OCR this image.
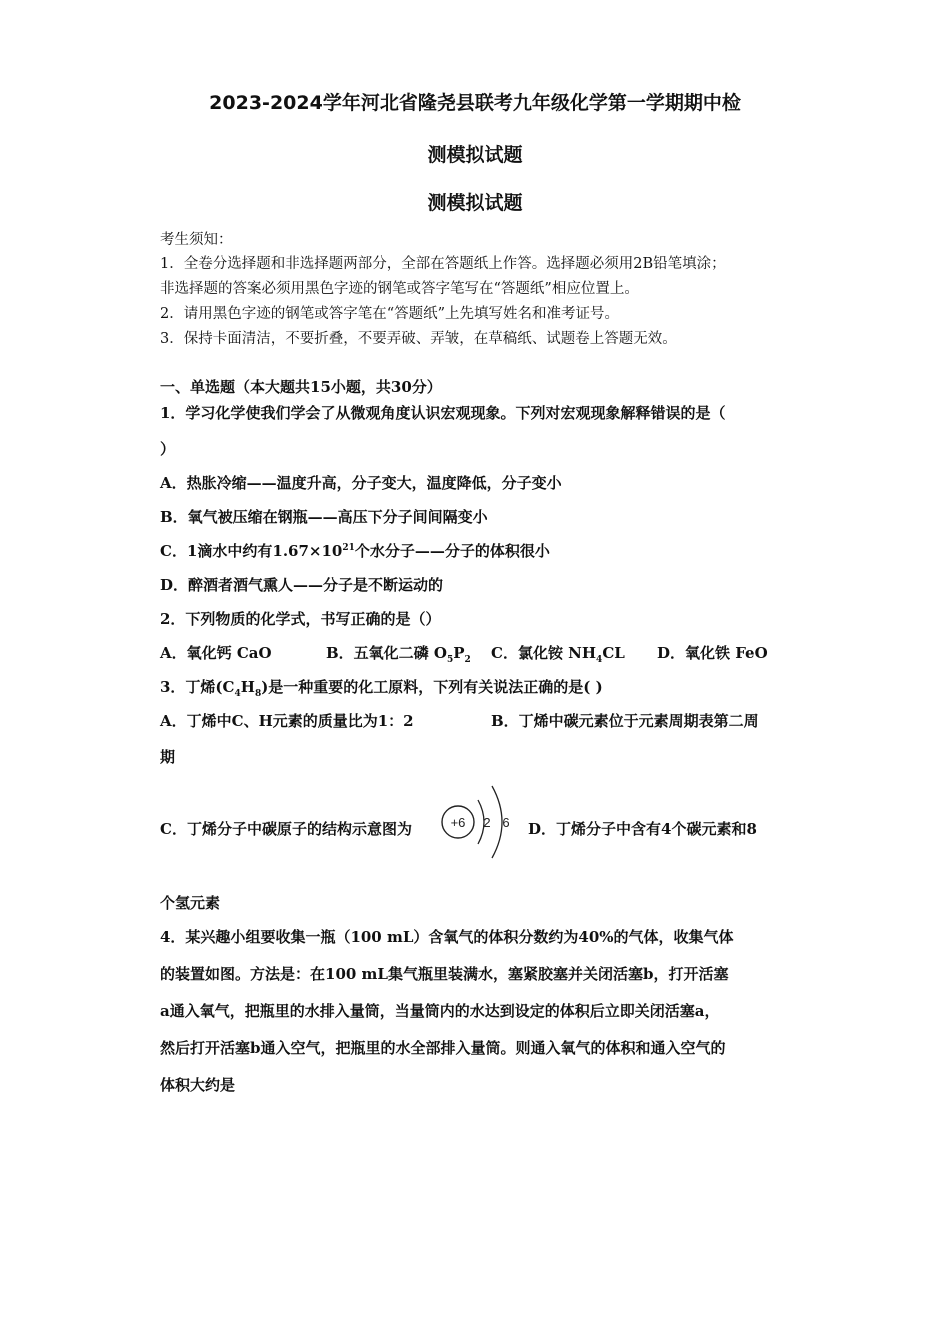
2023-2024学年河北省隆尧县联考九年级化学第一学期期中检
测模拟试题
测模拟试题
考生须知：
1．全卷分选择题和非选择题两部分，全部在答题纸上作答。选择题必须用2B铅笔填涂；
非选择题的答案必须用黑色字迹的钢笔或答字笔写在“答题纸”相应位置上。
2．请用黑色字迹的钢笔或答字笔在“答题纸”上先填写姓名和准考证号。
3．保持卡面清洁，不要折叠，不要弄破、弄皱，在草稿纸、试题卷上答题无效。
一、单选题（本大题共15小题，共30分）
1．学习化学使我们学会了从微观角度认识宏观现象。下列对宏观现象解释错误的是（
）
A．热胀冷缩——温度升高，分子变大，温度降低，分子变小
B．氧气被压缩在钢瓶——高压下分子间间隔变小
C．1滴水中约有$1.67\times 10^{21}$个水分子——分子的体积很小
D．醉酒者酒气熏人——分子是不断运动的
2．下列物质的化学式，书写正确的是（）
A．氧化钙 CaO	B．五氧化二磷 $O_5P_2$ C．氯化铵 $NH_4CL$ D．氧化铁 FeO
3．丁烯$(C_4H_8)$是一种重要的化工原料，下列有关说法正确的是( )
A．丁烯中C、H元素的质量比为1：2	B．丁烯中碳元素位于元素周期表第二周
期
C．丁烯分子中碳原子的结构示意图为	+6 2 6 D．丁烯分子中含有4个碳元素和8
个氢元素
4．某兴趣小组要收集一瓶（100 mL）含氧气的体积分数约为40%的气体，收集气体
的装置如图。方法是：在100 mL集气瓶里装满水，塞紧胶塞并关闭活塞b，打开活塞
a通入氧气，把瓶里的水排入量筒，当量筒内的水达到设定的体积后立即关闭活塞a，
然后打开活塞b通入空气，把瓶里的水全部排入量筒。则通入氧气的体积和通入空气的
体积大约是
